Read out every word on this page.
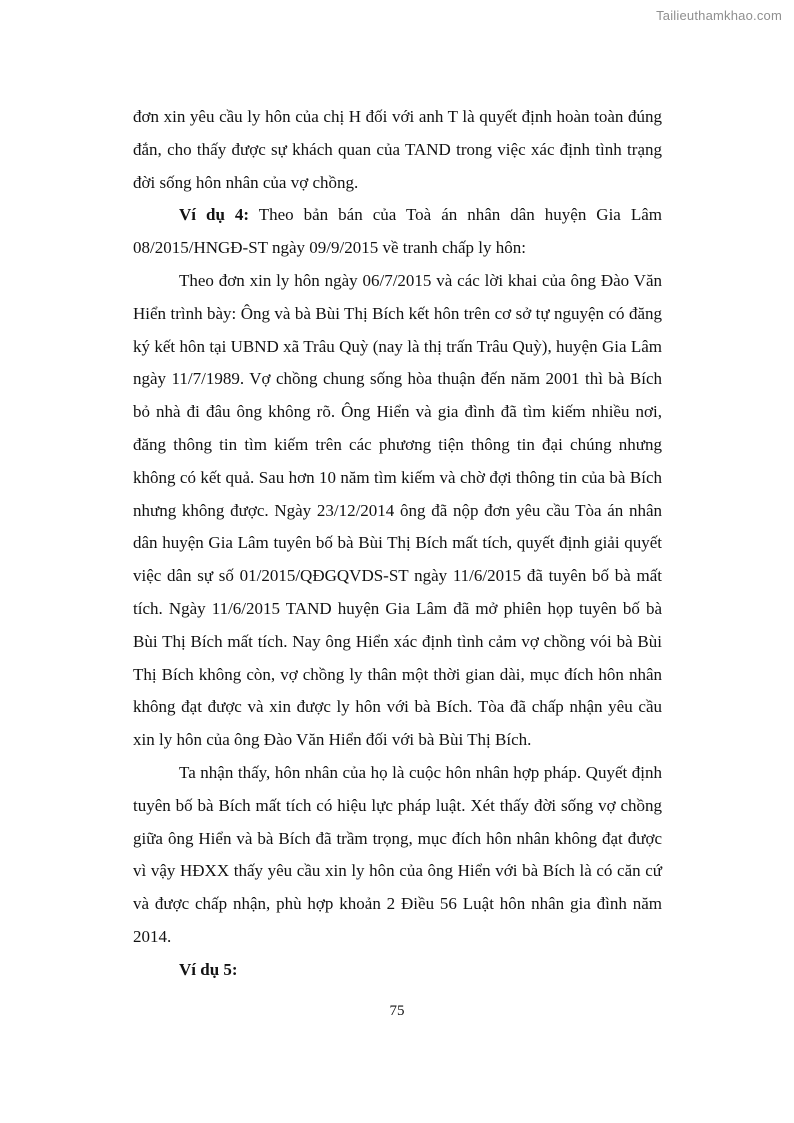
Tailieuthamkhao.com

đơn xin yêu cầu ly hôn của chị H đối với anh T là quyết định hoàn toàn đúng đắn, cho thấy được sự khách quan của TAND trong việc xác định tình trạng đời sống hôn nhân của vợ chồng.

Ví dụ 4: Theo bản bán của Toà án nhân dân huyện Gia Lâm 08/2015/HNGĐ-ST ngày 09/9/2015 về tranh chấp ly hôn:

Theo đơn xin ly hôn ngày 06/7/2015 và các lời khai của ông Đào Văn Hiển trình bày: Ông và bà Bùi Thị Bích kết hôn trên cơ sở tự nguyện có đăng ký kết hôn tại UBND xã Trâu Quỳ (nay là thị trấn Trâu Quỳ), huyện Gia Lâm ngày 11/7/1989. Vợ chồng chung sống hòa thuận đến năm 2001 thì bà Bích bỏ nhà đi đâu ông không rõ. Ông Hiển và gia đình đã tìm kiếm nhiều nơi, đăng thông tin tìm kiếm trên các phương tiện thông tin đại chúng nhưng không có kết quả. Sau hơn 10 năm tìm kiếm và chờ đợi thông tin của bà Bích nhưng không được. Ngày 23/12/2014 ông đã nộp đơn yêu cầu Tòa án nhân dân huyện Gia Lâm tuyên bố bà Bùi Thị Bích mất tích, quyết định giải quyết việc dân sự số 01/2015/QĐGQVDS-ST ngày 11/6/2015 đã tuyên bố bà mất tích. Ngày 11/6/2015 TAND huyện Gia Lâm đã mở phiên họp tuyên bố bà Bùi Thị Bích mất tích. Nay ông Hiển xác định tình cảm vợ chồng vói bà Bùi Thị Bích không còn, vợ chồng ly thân một thời gian dài, mục đích hôn nhân không đạt được và xin được ly hôn với bà Bích. Tòa đã chấp nhận yêu cầu xin ly hôn của ông Đào Văn Hiển đối với bà Bùi Thị Bích.

Ta nhận thấy, hôn nhân của họ là cuộc hôn nhân hợp pháp. Quyết định tuyên bố bà Bích mất tích có hiệu lực pháp luật. Xét thấy đời sống vợ chồng giữa ông Hiển và bà Bích đã trầm trọng, mục đích hôn nhân không đạt được vì vậy HĐXX thấy yêu cầu xin ly hôn của ông Hiển với bà Bích là có căn cứ và được chấp nhận, phù hợp khoản 2 Điều 56 Luật hôn nhân gia đình năm 2014.

Ví dụ 5:

75
